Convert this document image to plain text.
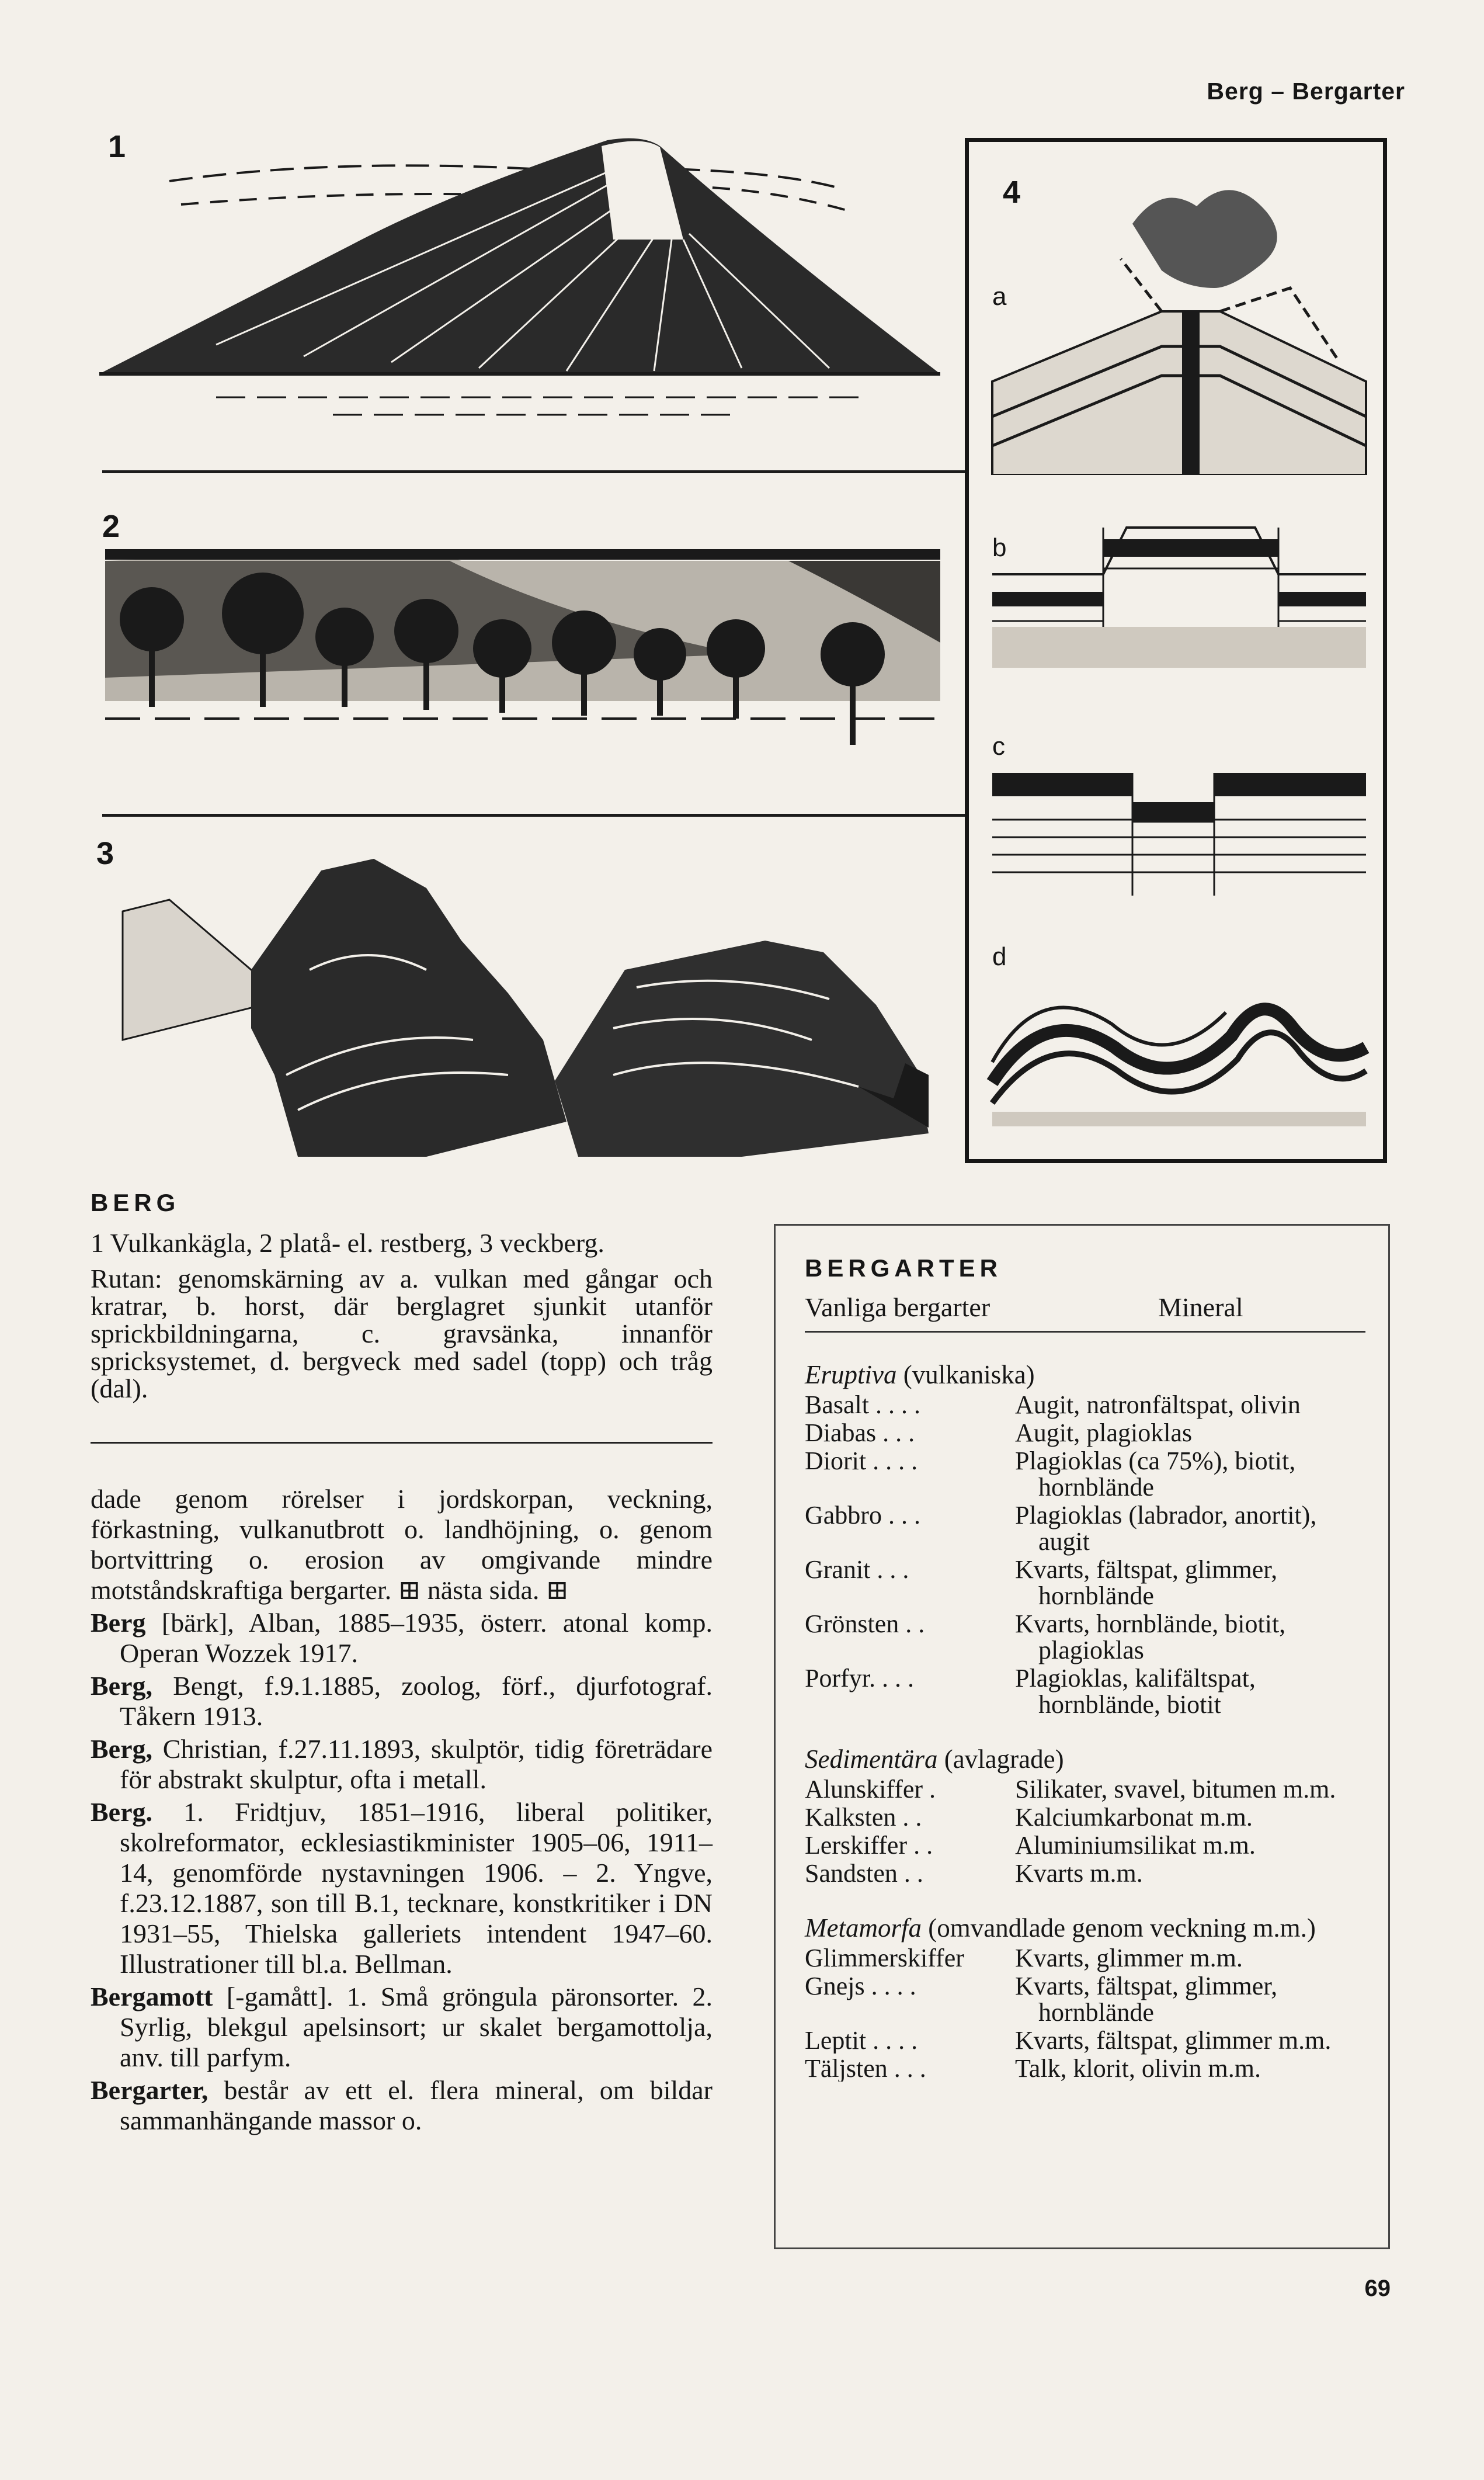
Berg – Bergarter
1
2
3
4
a
b
c
d
BERG

1 Vulkankägla, 2 platå- el. restberg, 3 veckberg.

Rutan: genomskärning av a. vulkan med gångar och kratrar, b. horst, där berglagret sjunkit utanför sprickbildningarna, c. gravsänka, innanför spricksystemet, d. bergveck med sadel (topp) och tråg (dal).

dade genom rörelser i jordskorpan, veckning, förkastning, vulkanutbrott o. landhöjning, o. genom bortvittring o. erosion av omgivande mindre motståndskraftiga bergarter. ⊞ nästa sida. ⊞

Berg [bärk], Alban, 1885–1935, österr. atonal komp. Operan Wozzek 1917.

Berg, Bengt, f.9.1.1885, zoolog, förf., djurfotograf. Tåkern 1913.

Berg, Christian, f.27.11.1893, skulptör, tidig företrädare för abstrakt skulptur, ofta i metall.

Berg. 1. Fridtjuv, 1851–1916, liberal politiker, skolreformator, ecklesiastikminister 1905–06, 1911–14, genomförde nystavningen 1906. – 2. Yngve, f.23.12.1887, son till B.1, tecknare, konstkritiker i DN 1931–55, Thielska galleriets intendent 1947–60. Illustrationer till bl.a. Bellman.

Bergamott [-gamått]. 1. Små gröngula päronsorter. 2. Syrlig, blekgul apelsinsort; ur skalet bergamottolja, anv. till parfym.

Bergarter, består av ett el. flera mineral, om bildar sammanhängande massor o.

BERGARTER
Vanliga bergarter	Mineral
Eruptiva (vulkaniska)
Basalt . . . .	Augit, natronfältspat, olivin
Diabas . . .	Augit, plagioklas
Diorit . . . .	Plagioklas (ca 75%), biotit, hornblände
Gabbro . . .	Plagioklas (labrador, anortit), augit
Granit . . .	Kvarts, fältspat, glimmer, hornblände
Grönsten . .	Kvarts, hornblände, biotit, plagioklas
Porfyr. . . .	Plagioklas, kalifältspat, hornblände, biotit
Sedimentära (avlagrade)
Alunskiffer .	Silikater, svavel, bitumen m.m.
Kalksten . .	Kalciumkarbonat m.m.
Lerskiffer . .	Aluminiumsilikat m.m.
Sandsten . .	Kvarts m.m.
Metamorfa (omvandlade genom veckning m.m.)
Glimmerskiffer	Kvarts, glimmer m.m.
Gnejs . . . .	Kvarts, fältspat, glimmer, hornblände
Leptit . . . .	Kvarts, fältspat, glimmer m.m.
Täljsten . . .	Talk, klorit, olivin m.m.
69
